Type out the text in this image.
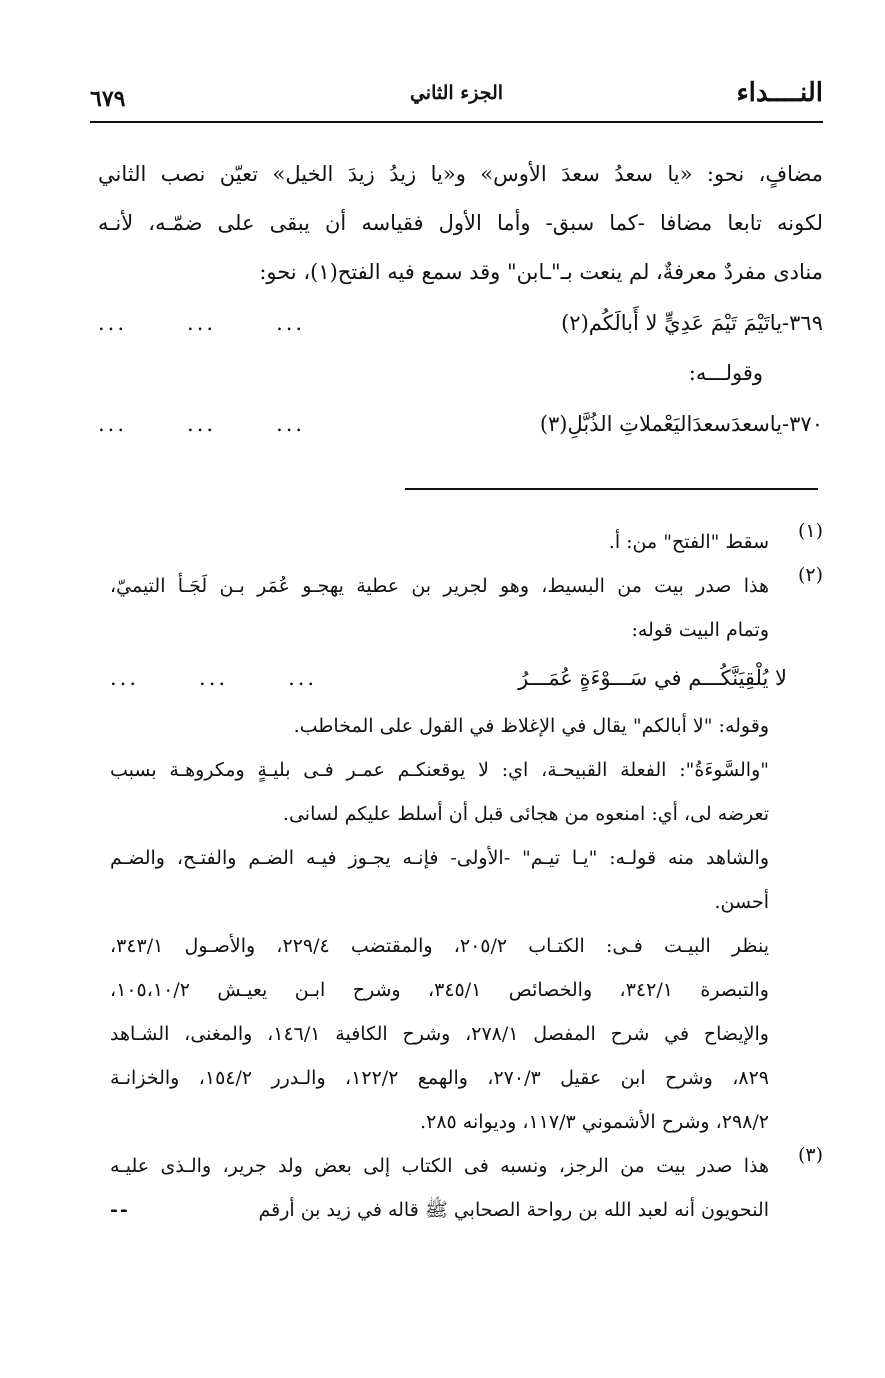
النــــداء
الجزء الثاني
٦٧٩
مضافٍ، نحو: «يا سعدُ سعدَ الأوس» و«يا زيدُ زيدَ الخيل» تعيّن نصب الثاني
لكونه تابعا مضافا -كما سبق- وأما الأول فقياسه أن يبقى على ضمّـه، لأنـه
منادى مفردٌ معرفةٌ، لم ينعت بـ"ـابن" وقد سمع فيه الفتح(١)، نحو:
٣٦٩-ياتَيْمَ تَيْمَ عَدِيٍّ لا أَبالَكُم(٢)
...
...
...
وقولـــه:
٣٧٠-ياسعدَسعدَاليَعْملاتِ الذُبَّلِ(٣)
...
...
...
(١)
سقط "الفتح" من: أ.
(٢)
هذا صدر بيت من البسيط، وهو لجرير بن عطية يهجـو عُمَر بـن لَجَـأ التيميّ،
وتمام البيت قوله:
لا يُلْقِيَنَّكُـــم في سَـــوْءَةٍ عُمَـــرُ
...
...
...
وقوله: "لا أبالكم" يقال في الإغلاظ في القول على المخاطب.
"والسَّوءَةُ": الفعلة القبيحـة، اي: لا يوقعنكـم عمـر فـى بليـةٍ ومكروهـة بسبب
تعرضه لى، أي: امنعوه من هجائى قبل أن أسلط عليكم لسانى.
والشاهد منه قولـه: "يـا تيـم" -الأولى- فإنـه يجـوز فيـه الضـم والفتـح، والضـم
أحسن.
ينظر البيـت فـى: الكتـاب ٢٠٥/٢، والمقتضب ٢٢٩/٤، والأصـول ٣٤٣/١،
والتبصرة ٣٤٢/١، والخصائص ٣٤٥/١، وشرح ابـن يعيـش ١٠٥،١٠/٢،
والإيضاح في شرح المفصل ٢٧٨/١، وشرح الكافية ١٤٦/١، والمغنى، الشـاهد
٨٢٩، وشرح ابن عقيل ٢٧٠/٣، والهمع ١٢٢/٢، والـدرر ١٥٤/٢، والخزانـة
٢٩٨/٢، وشرح الأشموني ١١٧/٣، وديوانه ٢٨٥.
(٣)
هذا صدر بيت من الرجز، ونسبه فى الكتاب إلى بعض ولد جرير، والـذى عليـه
النحويون أنه لعبد الله بن رواحة الصحابي ﷺ قاله في زيد بن أرقم
--
